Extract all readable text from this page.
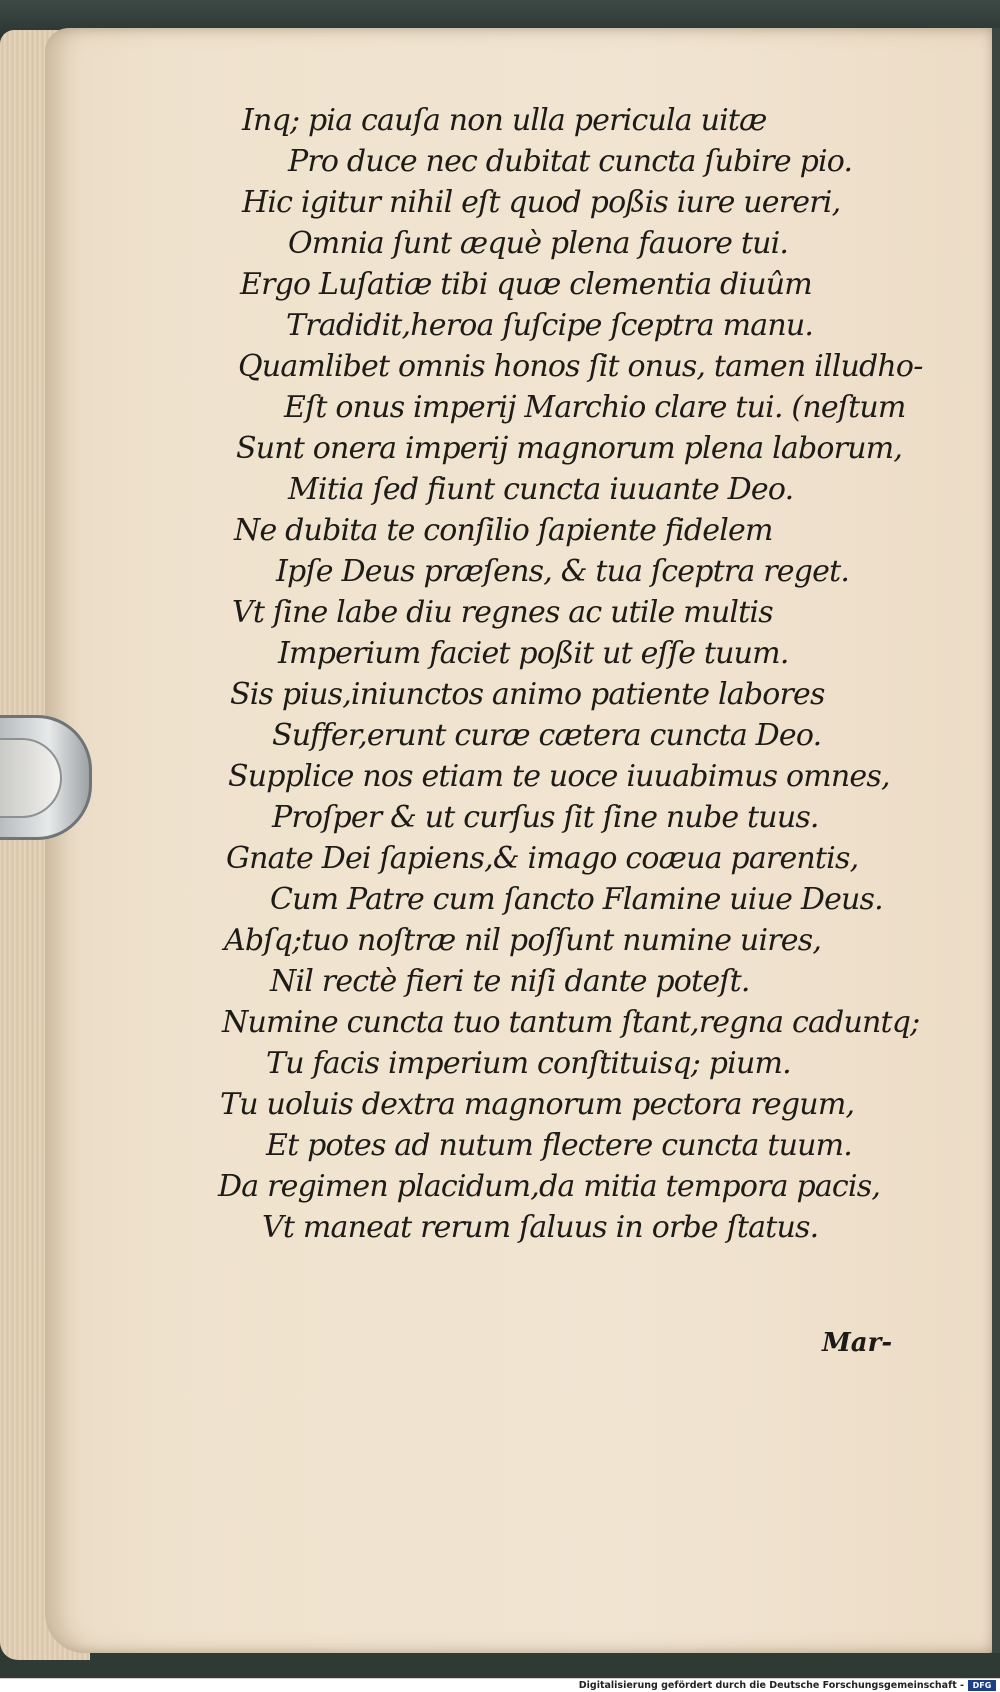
Inq; pia cauſa non ulla pericula uitæ

Pro duce nec dubitat cuncta ſubire pio.

Hic igitur nihil eſt quod poßis iure uereri,

Omnia ſunt æquè plena fauore tui.

Ergo Luſatiæ tibi quæ clementia diuûm

Tradidit,heroa ſuſcipe ſceptra manu.

Quamlibet omnis honos ſit onus, tamen illudho-

Eſt onus imperij Marchio clare tui. (neſtum

Sunt onera imperij magnorum plena laborum,

Mitia ſed fiunt cuncta iuuante Deo.

Ne dubita te conſilio ſapiente fidelem

Ipſe Deus præſens, & tua ſceptra reget.

Vt ſine labe diu regnes ac utile multis

Imperium faciet poßit ut eſſe tuum.

Sis pius,iniunctos animo patiente labores

Suffer,erunt curæ cætera cuncta Deo.

Supplice nos etiam te uoce iuuabimus omnes,

Proſper & ut curſus ſit ſine nube tuus.

Gnate Dei ſapiens,& imago coæua parentis,

Cum Patre cum ſancto Flamine uiue Deus.

Abſq;tuo noſtræ nil poſſunt numine uires,

Nil rectè fieri te niſi dante poteſt.

Numine cuncta tuo tantum ſtant,regna caduntq;

Tu facis imperium conſtituisq; pium.

Tu uoluis dextra magnorum pectora regum,

Et potes ad nutum flectere cuncta tuum.

Da regimen placidum,da mitia tempora pacis,

Vt maneat rerum ſaluus in orbe ſtatus.

Mar-

Digitalisierung gefördert durch die Deutsche Forschungsgemeinschaft -	DFG
